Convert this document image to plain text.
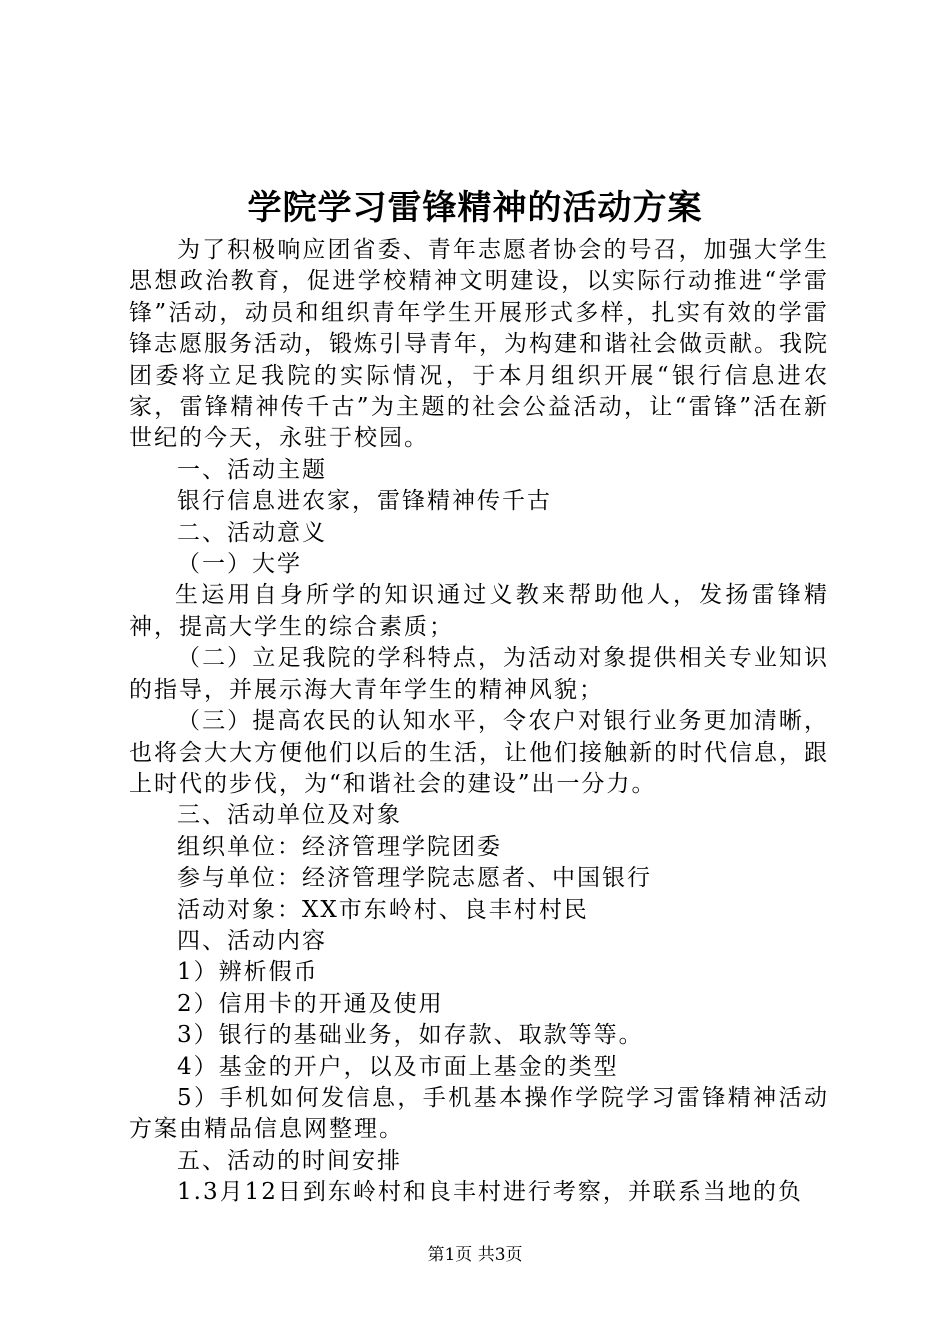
学院学习雷锋精神的活动方案

为了积极响应团省委、青年志愿者协会的号召，加强大学生思想政治教育，促进学校精神文明建设，以实际行动推进“学雷锋”活动，动员和组织青年学生开展形式多样，扎实有效的学雷锋志愿服务活动，锻炼引导青年，为构建和谐社会做贡献。我院团委将立足我院的实际情况，于本月组织开展“银行信息进农家，雷锋精神传千古”为主题的社会公益活动，让“雷锋”活在新世纪的今天，永驻于校园。

一、活动主题

银行信息进农家，雷锋精神传千古

二、活动意义

（一）大学

生运用自身所学的知识通过义教来帮助他人，发扬雷锋精神，提高大学生的综合素质；

（二）立足我院的学科特点，为活动对象提供相关专业知识的指导，并展示海大青年学生的精神风貌；

（三）提高农民的认知水平，令农户对银行业务更加清晰，也将会大大方便他们以后的生活，让他们接触新的时代信息，跟上时代的步伐，为“和谐社会的建设”出一分力。

三、活动单位及对象

组织单位：经济管理学院团委

参与单位：经济管理学院志愿者、中国银行

活动对象：XX市东岭村、良丰村村民

四、活动内容

1）辨析假币

2）信用卡的开通及使用

3）银行的基础业务，如存款、取款等等。

4）基金的开户，以及市面上基金的类型

5）手机如何发信息，手机基本操作学院学习雷锋精神活动方案由精品信息网整理。

五、活动的时间安排

1.3月12日到东岭村和良丰村进行考察，并联系当地的负

第1页 共3页
